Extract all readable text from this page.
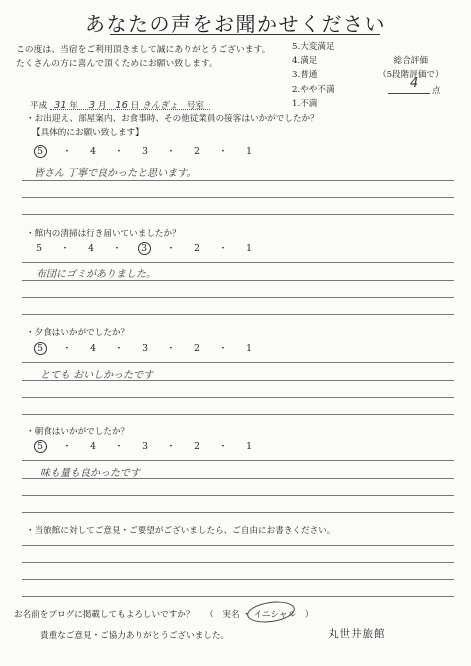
あなたの声をお聞かせください
この度は、当宿をご利用頂きまして誠にありがとうございます。
たくさんの方に喜んで頂くためにお願い致します。
5.大変満足
4.満足
3.普通
2.やや不満
1.不満
総合評価
（5段階評価で）
4 点
平成 31 年 3 月 16 日 きんぎょ 号室
・お出迎え、部屋案内、お食事時、その他従業員の接客はいかがでしたか？
【具体的にお願い致します】
5 ・ 4 ・ 3 ・ 2 ・ 1
皆さん 丁寧で良かったと思います。
・館内の清掃は行き届いていましたか？
5 ・ 4 ・ 3 ・ 2 ・ 1
布団にゴミがありました。
・夕食はいかがでしたか？
5 ・ 4 ・ 3 ・ 2 ・ 1
とても おいしかったです
・朝食はいかがでしたか？
5 ・ 4 ・ 3 ・ 2 ・ 1
味も量も良かったです
・当旅館に対してご意見・ご要望がございましたら、ご自由にお書きください。
お名前をブログに掲載してもよろしいですか？ （ 実名 ・ イニシャル ）
貴重なご意見・ご協力ありがとうございました。	丸世井旅館
